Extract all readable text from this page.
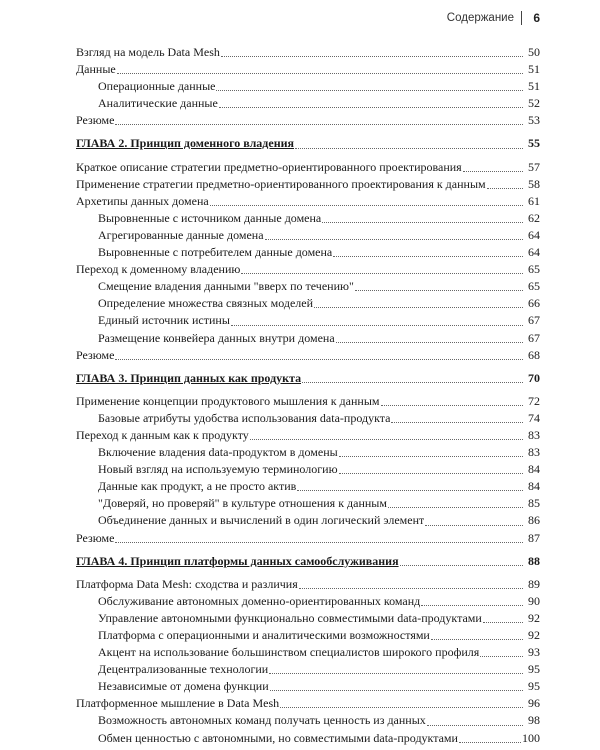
Содержание 6
Взгляд на модель Data Mesh	50
Данные	51
Операционные данные	51
Аналитические данные	52
Резюме	53
ГЛАВА 2. Принцип доменного владения	55
Краткое описание стратегии предметно-ориентированного проектирования	57
Применение стратегии предметно-ориентированного проектирования к данным	58
Архетипы данных домена	61
Выровненные с источником данные домена	62
Агрегированные данные домена	64
Выровненные с потребителем данные домена	64
Переход к доменному владению	65
Смещение владения данными "вверх по течению"	65
Определение множества связных моделей	66
Единый источник истины	67
Размещение конвейера данных внутри домена	67
Резюме	68
ГЛАВА 3. Принцип данных как продукта	70
Применение концепции продуктового мышления к данным	72
Базовые атрибуты удобства использования data-продукта	74
Переход к данным как к продукту	83
Включение владения data-продуктом в домены	83
Новый взгляд на используемую терминологию	84
Данные как продукт, а не просто актив	84
"Доверяй, но проверяй" в культуре отношения к данным	85
Объединение данных и вычислений в один логический элемент	86
Резюме	87
ГЛАВА 4. Принцип платформы данных самообслуживания	88
Платформа Data Mesh: сходства и различия	89
Обслуживание автономных доменно-ориентированных команд	90
Управление автономными функционально совместимыми data-продуктами	92
Платформа с операционными и аналитическими возможностями	92
Акцент на использование большинством специалистов широкого профиля	93
Децентрализованные технологии	95
Независимые от домена функции	95
Платформенное мышление в Data Mesh	96
Возможность автономных команд получать ценность из данных	98
Обмен ценностью с автономными, но совместимыми data-продуктами	100
